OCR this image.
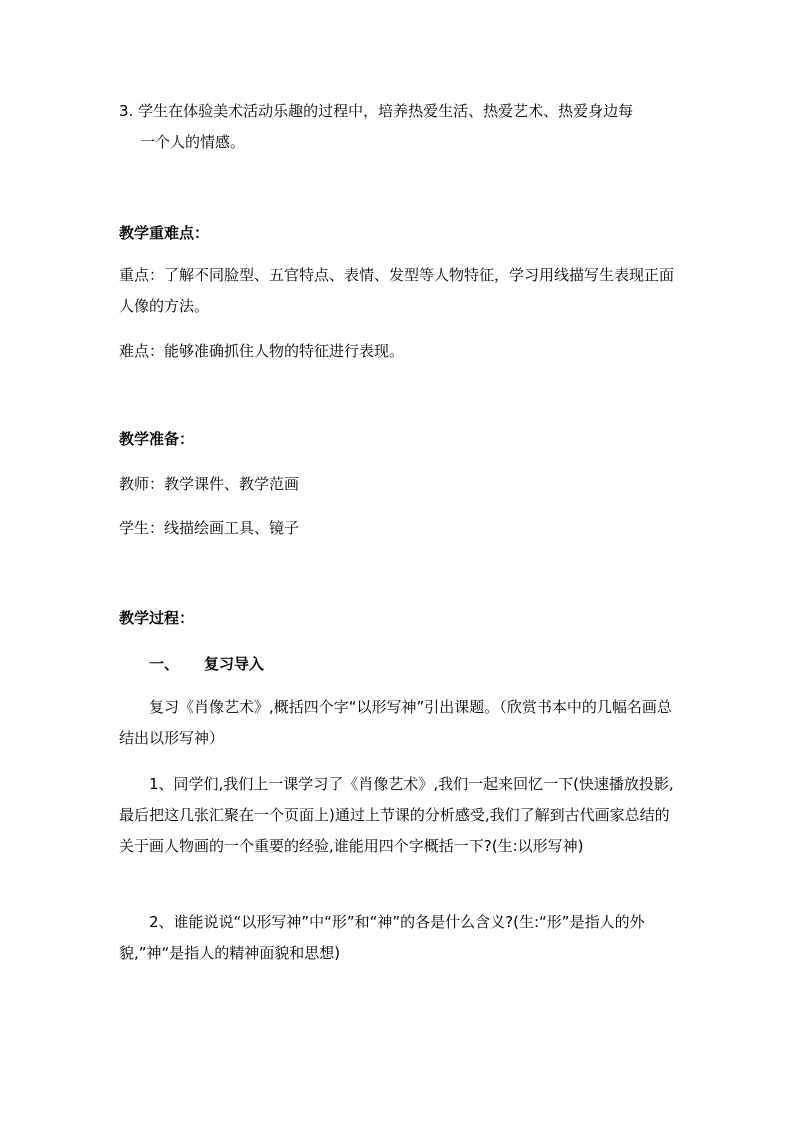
3. 学生在体验美术活动乐趣的过程中，培养热爱生活、热爱艺术、热爱身边每
一个人的情感。

教学重难点：

重点：了解不同脸型、五官特点、表情、发型等人物特征，学习用线描写生表现正面人像的方法。

难点：能够准确抓住人物的特征进行表现。

教学准备：

教师：教学课件、教学范画

学生：线描绘画工具、镜子

教学过程：

一、 复习导入

复习《肖像艺术》,概括四个字“以形写神”引出课题。（欣赏书本中的几幅名画总结出以形写神）

1、同学们,我们上一课学习了《肖像艺术》,我们一起来回忆一下(快速播放投影,最后把这几张汇聚在一个页面上)通过上节课的分析感受,我们了解到古代画家总结的关于画人物画的一个重要的经验,谁能用四个字概括一下?(生:以形写神)

2、谁能说说“以形写神”中“形”和“神”的各是什么含义?(生:“形”是指人的外貌,”神“是指人的精神面貌和思想)
